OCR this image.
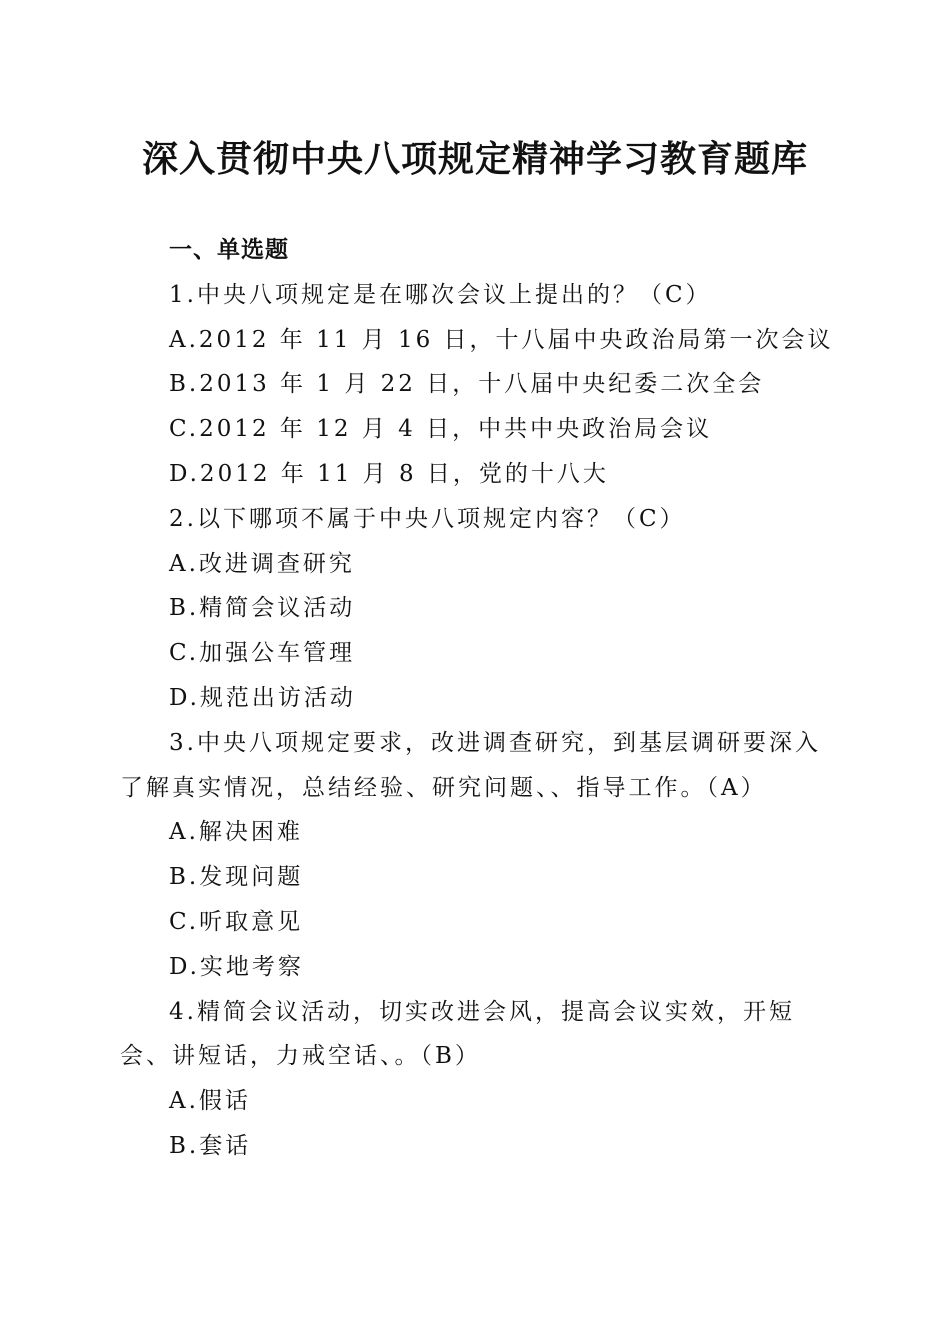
深入贯彻中央八项规定精神学习教育题库
一、单选题
1.中央八项规定是在哪次会议上提出的？（C）
A.2012 年 11 月 16 日，十八届中央政治局第一次会议
B.2013 年 1 月 22 日，十八届中央纪委二次全会
C.2012 年 12 月 4 日，中共中央政治局会议
D.2012 年 11 月 8 日，党的十八大
2.以下哪项不属于中央八项规定内容？（C）
A.改进调查研究
B.精简会议活动
C.加强公车管理
D.规范出访活动
3.中央八项规定要求，改进调查研究，到基层调研要深入了解真实情况，总结经验、研究问题、、指导工作。（A）
A.解决困难
B.发现问题
C.听取意见
D.实地考察
4.精简会议活动，切实改进会风，提高会议实效，开短会、讲短话，力戒空话、。（B）
A.假话
B.套话
